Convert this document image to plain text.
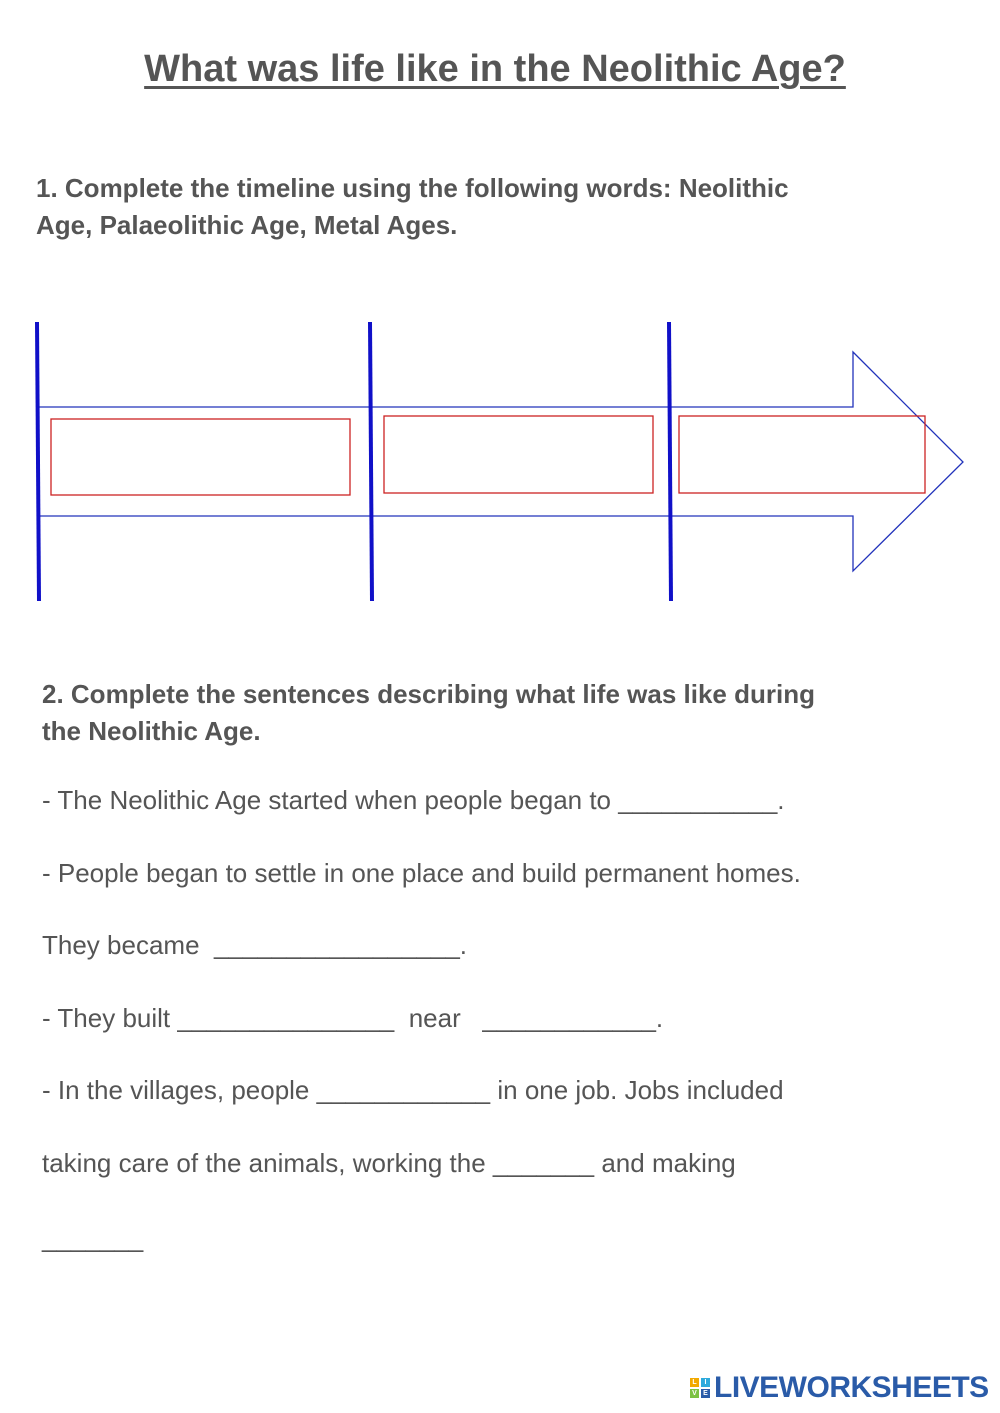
What was life like in the Neolithic Age?
1. Complete the timeline using the following words: Neolithic
Age, Palaeolithic Age, Metal Ages.
2. Complete the sentences describing what life was like during
the Neolithic Age.

- The Neolithic Age started when people began to ___________.

- People began to settle in one place and build permanent homes.

They became  _________________.

- They built _______________  near   ____________.

- In the villages, people ____________ in one job. Jobs included

taking care of the animals, working the _______ and making

_______

L	I
V E LIVEWORKSHEETS
